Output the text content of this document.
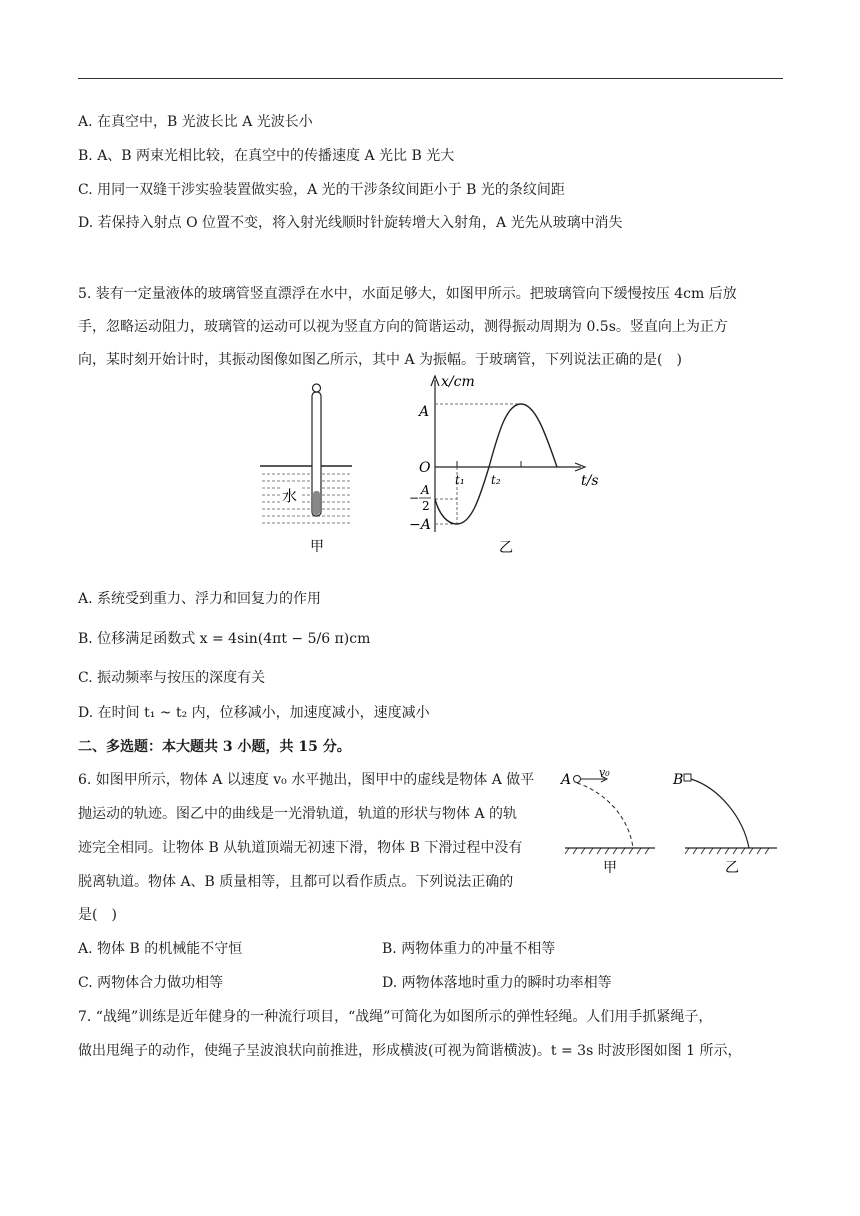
A. 在真空中，B 光波长比 A 光波长小
B. A、B 两束光相比较，在真空中的传播速度 A 光比 B 光大
C. 用同一双缝干涉实验装置做实验，A 光的干涉条纹间距小于 B 光的条纹间距
D. 若保持入射点 O 位置不变，将入射光线顺时针旋转增大入射角，A 光先从玻璃中消失
5. 装有一定量液体的玻璃管竖直漂浮在水中，水面足够大，如图甲所示。把玻璃管向下缓慢按压 4cm 后放
手，忽略运动阻力，玻璃管的运动可以视为竖直方向的简谐运动，测得振动周期为 0.5s。竖直向上为正方
向，某时刻开始计时，其振动图像如图乙所示，其中 A 为振幅。于玻璃管，下列说法正确的是(　)
水
甲
x/cm
t/s
A
O
A
2
−
−A
t₁ t₂
乙
A. 系统受到重力、浮力和回复力的作用
B. 位移满足函数式 x = 4sin(4πt − 5/6 π)cm
C. 振动频率与按压的深度有关
D. 在时间 t₁ ~ t₂ 内，位移减小，加速度减小，速度减小
二、多选题：本大题共 3 小题，共 15 分。
6. 如图甲所示，物体 A 以速度 v₀ 水平抛出，图甲中的虚线是物体 A 做平
抛运动的轨迹。图乙中的曲线是一光滑轨道，轨道的形状与物体 A 的轨
迹完全相同。让物体 B 从轨道顶端无初速下滑，物体 B 下滑过程中没有
脱离轨道。物体 A、B 质量相等，且都可以看作质点。下列说法正确的
是(　)
A	v₀
甲
B
乙
A. 物体 B 的机械能不守恒	B. 两物体重力的冲量不相等
C. 两物体合力做功相等	D. 两物体落地时重力的瞬时功率相等
7. “战绳”训练是近年健身的一种流行项目，“战绳”可简化为如图所示的弹性轻绳。人们用手抓紧绳子，
做出甩绳子的动作，使绳子呈波浪状向前推进，形成横波(可视为简谐横波)。t = 3s 时波形图如图 1 所示，
